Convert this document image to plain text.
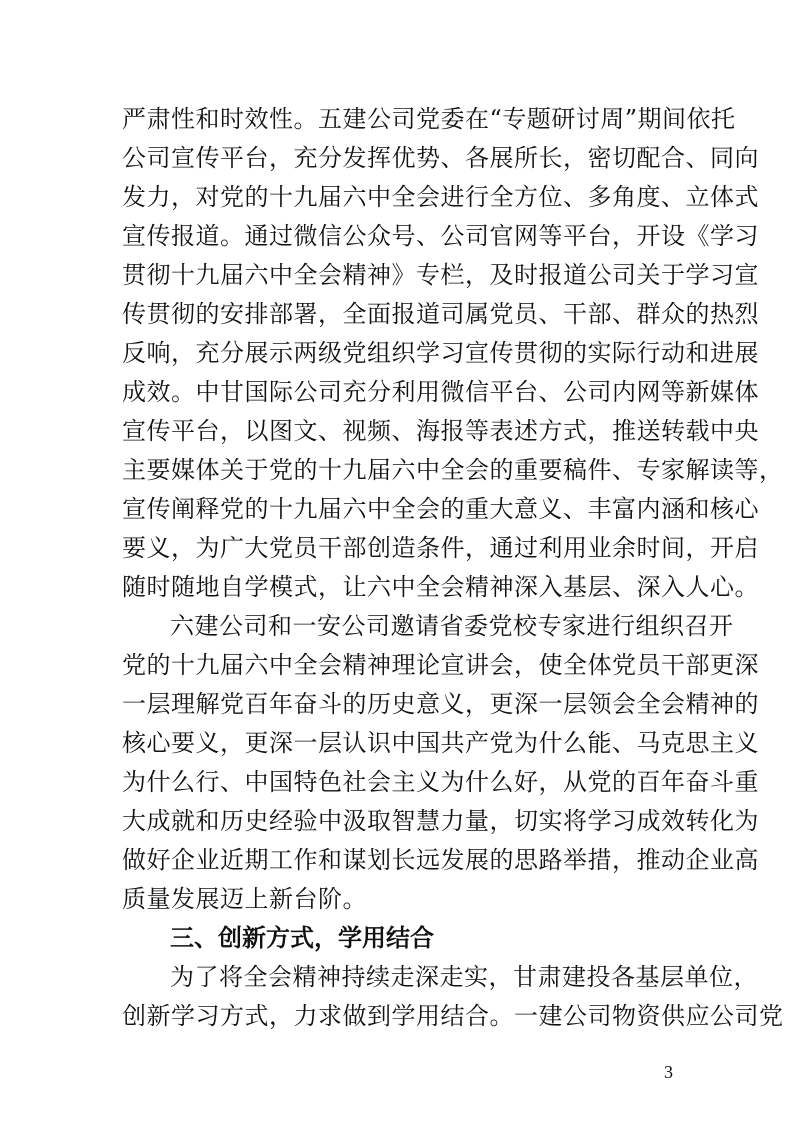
严肃性和时效性。五建公司党委在“专题研讨周”期间依托
公司宣传平台，充分发挥优势、各展所长，密切配合、同向
发力，对党的十九届六中全会进行全方位、多角度、立体式
宣传报道。通过微信公众号、公司官网等平台，开设《学习
贯彻十九届六中全会精神》专栏，及时报道公司关于学习宣
传贯彻的安排部署，全面报道司属党员、干部、群众的热烈
反响，充分展示两级党组织学习宣传贯彻的实际行动和进展
成效。中甘国际公司充分利用微信平台、公司内网等新媒体
宣传平台，以图文、视频、海报等表述方式，推送转载中央
主要媒体关于党的十九届六中全会的重要稿件、专家解读等，
宣传阐释党的十九届六中全会的重大意义、丰富内涵和核心
要义，为广大党员干部创造条件，通过利用业余时间，开启
随时随地自学模式，让六中全会精神深入基层、深入人心。
六建公司和一安公司邀请省委党校专家进行组织召开
党的十九届六中全会精神理论宣讲会，使全体党员干部更深
一层理解党百年奋斗的历史意义，更深一层领会全会精神的
核心要义，更深一层认识中国共产党为什么能、马克思主义
为什么行、中国特色社会主义为什么好，从党的百年奋斗重
大成就和历史经验中汲取智慧力量，切实将学习成效转化为
做好企业近期工作和谋划长远发展的思路举措，推动企业高
质量发展迈上新台阶。
三、创新方式，学用结合
为了将全会精神持续走深走实，甘肃建投各基层单位，
创新学习方式，力求做到学用结合。一建公司物资供应公司党
3
